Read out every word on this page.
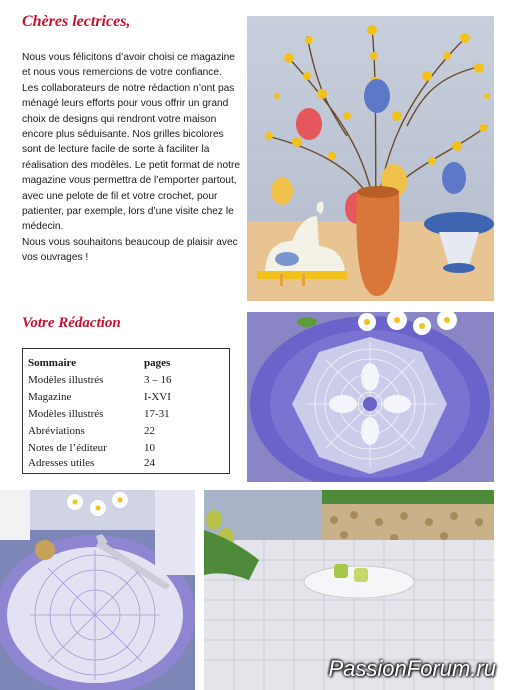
Chères lectrices,

Nous vous félicitons d’avoir choisi ce magazine et nous vous remercions de votre confiance.

Les collaborateurs de notre rédaction n’ont pas ménagé leurs efforts pour vous offrir un grand choix de designs qui rendront votre maison encore plus séduisante. Nos grilles bicolores sont de lecture facile de sorte à faciliter la réalisation des modèles. Le petit format de notre magazine vous permettra de l’emporter partout, avec une pelote de fil et votre crochet, pour patienter, par exemple, lors d’une visite chez le médecin.

Nous vous souhaitons beaucoup de plaisir avec vos ouvrages !

Votre Rédaction
Sommaire	pages
Modèles illustrés	3 – 16
Magazine	I-XVI
Modèles illustrés	17-31
Abréviations	22
Notes de l’éditeur	10
Adresses utiles	24
PassionForum.ru
